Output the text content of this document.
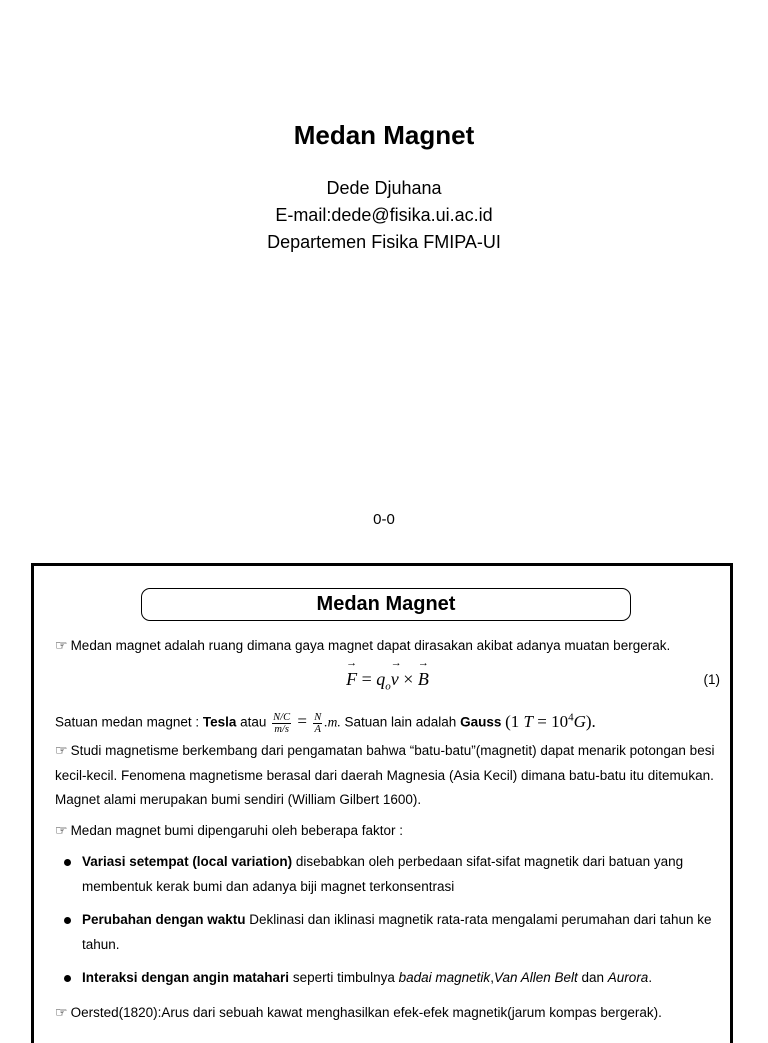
Medan Magnet
Dede Djuhana
E-mail:dede@fisika.ui.ac.id
Departemen Fisika FMIPA-UI
0-0
Medan Magnet
☞ Medan magnet adalah ruang dimana gaya magnet dapat dirasakan akibat adanya muatan bergerak.
→ $F = q_o\to v$ × → B	(1)
Satuan medan magnet : Tesla atau $\frac{N/C}{m/s} = \frac{N}{A} .m$. Satuan lain adalah Gauss (1 $T = 10^4G$).
☞ Studi magnetisme berkembang dari pengamatan bahwa “batu-batu”(magnetit) dapat menarik potongan besi kecil-kecil. Fenomena magnetisme berasal dari daerah Magnesia (Asia Kecil) dimana batu-batu itu ditemukan. Magnet alami merupakan bumi sendiri (William Gilbert 1600).
☞ Medan magnet bumi dipengaruhi oleh beberapa faktor :
Variasi setempat (local variation) disebabkan oleh perbedaan sifat-sifat magnetik dari batuan yang membentuk kerak bumi dan adanya biji magnet terkonsentrasi
Perubahan dengan waktu Deklinasi dan iklinasi magnetik rata-rata mengalami perumahan dari tahun ke tahun.
Interaksi dengan angin matahari seperti timbulnya badai magnetik,Van Allen Belt dan Aurora.
☞ Oersted(1820):Arus dari sebuah kawat menghasilkan efek-efek magnetik(jarum kompas bergerak).
